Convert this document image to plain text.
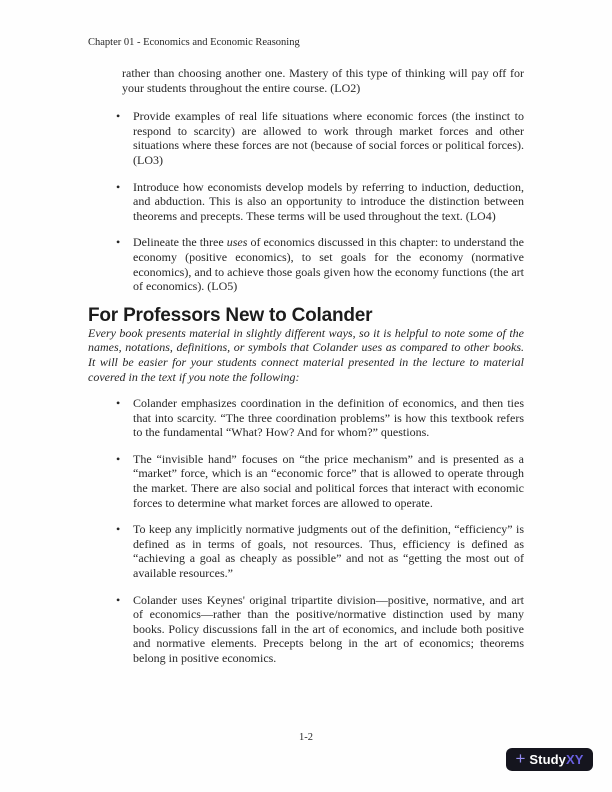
Chapter 01 - Economics and Economic Reasoning

rather than choosing another one. Mastery of this type of thinking will pay off for your students throughout the entire course. (LO2)

• Provide examples of real life situations where economic forces (the instinct to respond to scarcity) are allowed to work through market forces and other situations where these forces are not (because of social forces or political forces). (LO3)
• Introduce how economists develop models by referring to induction, deduction, and abduction. This is also an opportunity to introduce the distinction between theorems and precepts. These terms will be used throughout the text. (LO4)
• Delineate the three uses of economics discussed in this chapter: to understand the economy (positive economics), to set goals for the economy (normative economics), and to achieve those goals given how the economy functions (the art of economics). (LO5)
For Professors New to Colander

Every book presents material in slightly different ways, so it is helpful to note some of the names, notations, definitions, or symbols that Colander uses as compared to other books. It will be easier for your students connect material presented in the lecture to material covered in the text if you note the following:

• Colander emphasizes coordination in the definition of economics, and then ties that into scarcity. “The three coordination problems” is how this textbook refers to the fundamental “What? How? And for whom?” questions.
• The “invisible hand” focuses on “the price mechanism” and is presented as a “market” force, which is an “economic force” that is allowed to operate through the market. There are also social and political forces that interact with economic forces to determine what market forces are allowed to operate.
• To keep any implicitly normative judgments out of the definition, “efficiency” is defined as in terms of goals, not resources. Thus, efficiency is defined as “achieving a goal as cheaply as possible” and not as “getting the most out of available resources.”
• Colander uses Keynes' original tripartite division—positive, normative, and art of economics—rather than the positive/normative distinction used by many books. Policy discussions fall in the art of economics, and include both positive and normative elements. Precepts belong in the art of economics; theorems belong in positive economics.
1-2
+ Study XY
